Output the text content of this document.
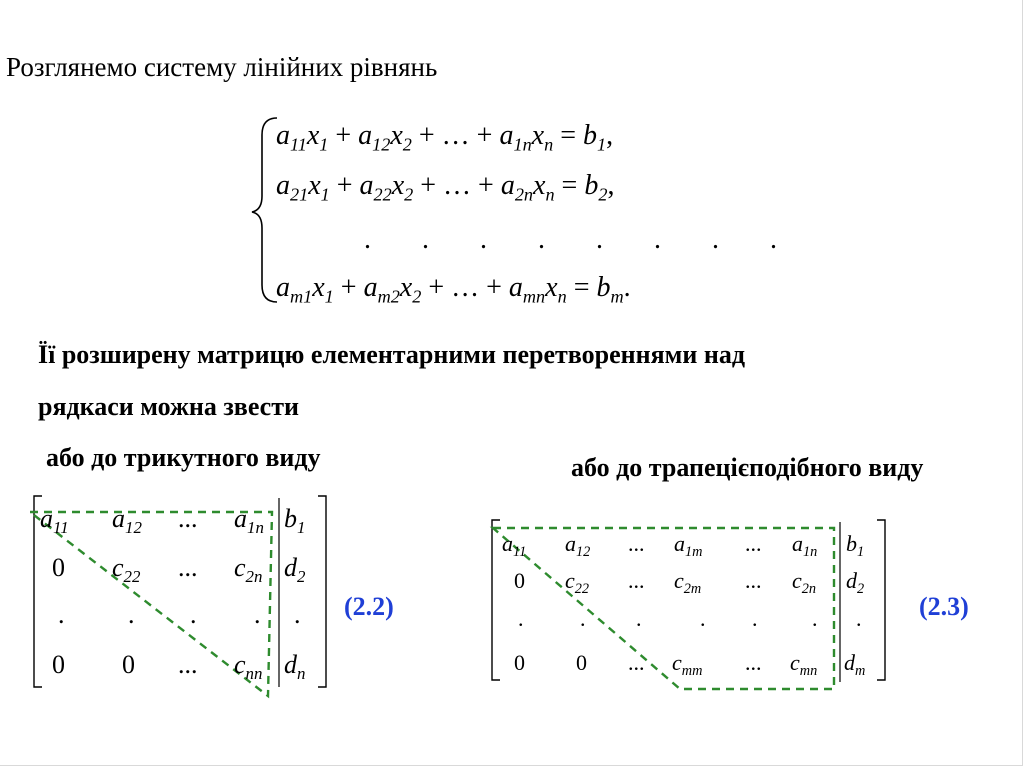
Розглянемо систему лінійних рівнянь
$a_{11}x_1 + a_{12}x_2$ + … + $a_{1n}x_n = b_1$,
$a_{21}x_1 + a_{22}x_2$ + … + $a_{2n}x_n = b_2$,
. . . . . . . .
$a_{m1}x_1 + a_{m2}x_2$ + … + $a_{mn}x_n = b_m$.
Її розширену матрицю елементарними перетвореннями над
рядкаси можна звести
або до трикутного виду	або до трапецієподібного виду
$a_{11}$ $a_{12}$ ... $a_{1n}$ $b_1$
0 $c_{22}$ ... $c_{2n}$ $d_2$
. . . . .
0 0 ... $c_{nn}$ $d_n$
(2.2)
$a_{11}$ $a_{12}$ ... $a_{1m}$ ... $a_{1n}$ $b_1$
0 $c_{22}$ ... $c_{2m}$ ... $c_{2n}$ $d_2$
.	. .	. . . .
0 0 ... $c_{mm}$ ... $c_{mn}$ $d_m$
(2.3)
